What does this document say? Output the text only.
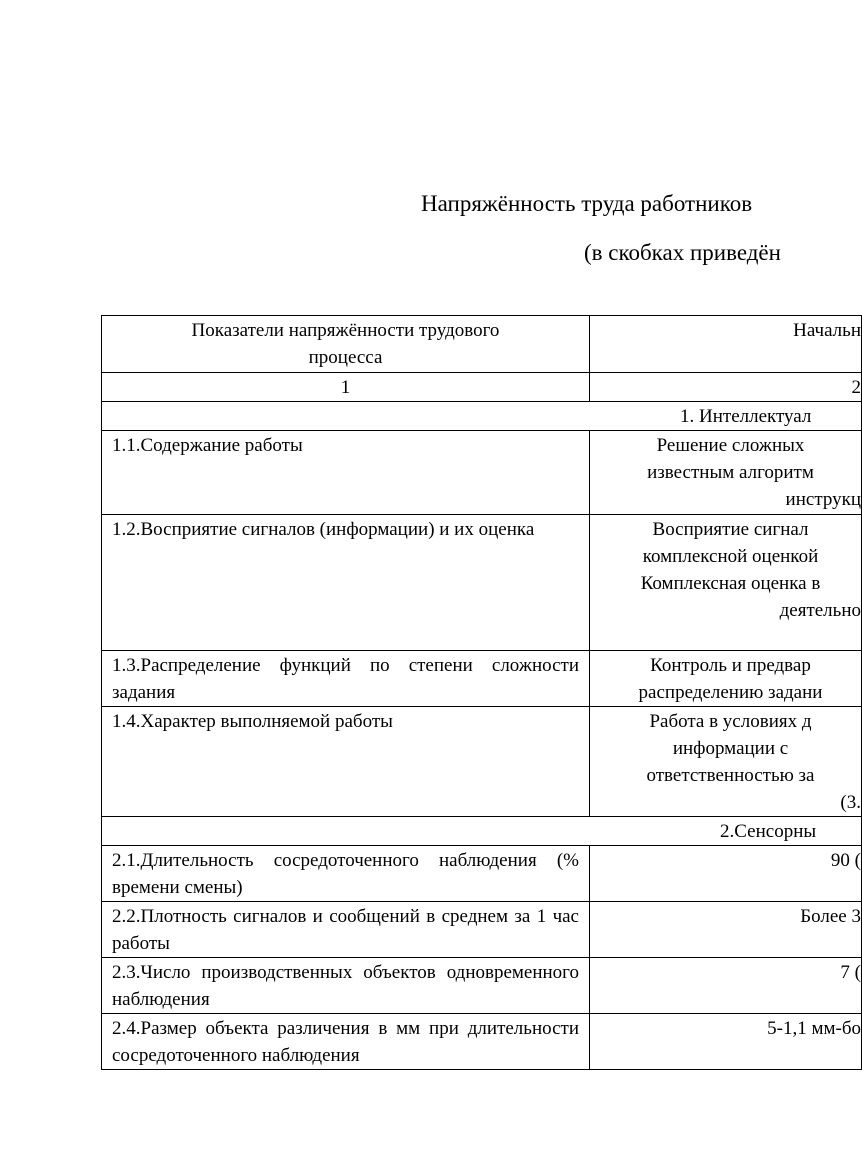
Напряжённость труда работников
(в скобках приведён
Показатели напряжённости трудового
процесса	Начальн
1	2
1. Интеллектуал	
1.1.Содержание работы	Решение сложных
известным алгоритм
инструкц

1.2.Восприятие сигналов (информации) и их оценка	Восприятие сигнал
комплексной оценкой
Комплексная оценка в
деятельно

1.3.Распределение функций по степени сложности задания	Контроль и предвар
распределению задани

1.4.Характер выполняемой работы	Работа в условиях д
информации с
ответственностью за
(3.

2.Сенсорны	
2.1.Длительность сосредоточенного наблюдения (% времени смены)	90 (

2.2.Плотность сигналов и сообщений в среднем за 1 час работы	Более 3

2.3.Число производственных объектов одновременного наблюдения	7 (

2.4.Размер объекта различения в мм при длительности сосредоточенного наблюдения	5-1,1 мм-бо
